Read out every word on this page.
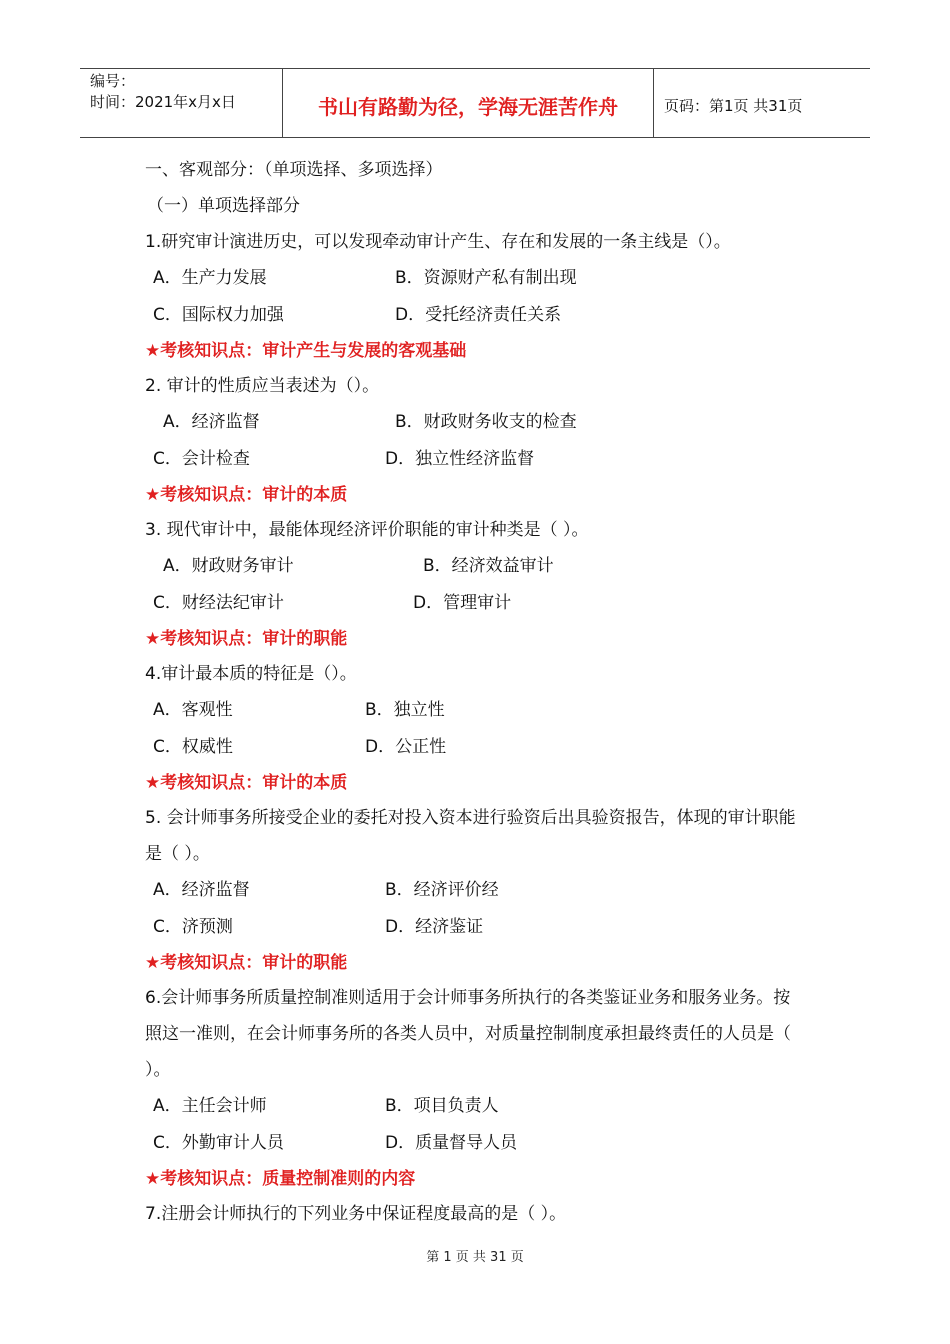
编号：
时间：2021年x月x日	书山有路勤为径，学海无涯苦作舟	页码：第1页 共31页
一、客观部分：（单项选择、多项选择）
（一）单项选择部分
1.研究审计演进历史，可以发现牵动审计产生、存在和发展的一条主线是（）。
A．生产力发展	B．资源财产私有制出现
C．国际权力加强	D．受托经济责任关系
★考核知识点：审计产生与发展的客观基础
2. 审计的性质应当表述为（）。
A．经济监督	B．财政财务收支的检查
C．会计检查	D．独立性经济监督
★考核知识点：审计的本质
3. 现代审计中，最能体现经济评价职能的审计种类是（ ）。
A．财政财务审计	B．经济效益审计
C．财经法纪审计	D．管理审计
★考核知识点：审计的职能
4.审计最本质的特征是（）。
A．客观性	B．独立性
C．权威性	D．公正性
★考核知识点：审计的本质
5. 会计师事务所接受企业的委托对投入资本进行验资后出具验资报告，体现的审计职能是（ ）。
A．经济监督	B．经济评价经
C．济预测	D．经济鉴证
★考核知识点：审计的职能
6.会计师事务所质量控制准则适用于会计师事务所执行的各类鉴证业务和服务业务。按照这一准则，在会计师事务所的各类人员中，对质量控制制度承担最终责任的人员是（ ）。
A．主任会计师	B．项目负责人
C．外勤审计人员	D．质量督导人员
★考核知识点：质量控制准则的内容
7.注册会计师执行的下列业务中保证程度最高的是（ ）。
第 1 页 共 31 页
